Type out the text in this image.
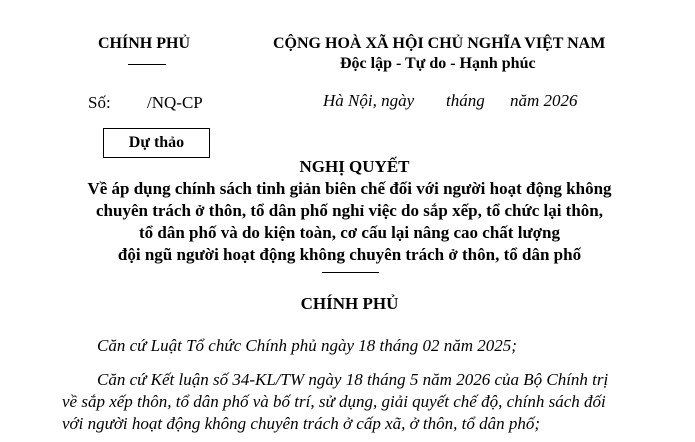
CHÍNH PHỦ	CỘNG HOÀ XÃ HỘI CHỦ NGHĨA VIỆT NAM
Độc lập - Tự do - Hạnh phúc
Số: /NQ-CP	Hà Nội, ngày tháng năm 2026
Dự thảo
NGHỊ QUYẾT
Về áp dụng chính sách tinh giản biên chế đối với người hoạt động không
chuyên trách ở thôn, tổ dân phố nghỉ việc do sắp xếp, tổ chức lại thôn,
tổ dân phố và do kiện toàn, cơ cấu lại nâng cao chất lượng
đội ngũ người hoạt động không chuyên trách ở thôn, tổ dân phố
CHÍNH PHỦ
Căn cứ Luật Tổ chức Chính phủ ngày 18 tháng 02 năm 2025;
Căn cứ Kết luận số 34-KL/TW ngày 18 tháng 5 năm 2026 của Bộ Chính trị
về sắp xếp thôn, tổ dân phố và bố trí, sử dụng, giải quyết chế độ, chính sách đối
với người hoạt động không chuyên trách ở cấp xã, ở thôn, tổ dân phố;
